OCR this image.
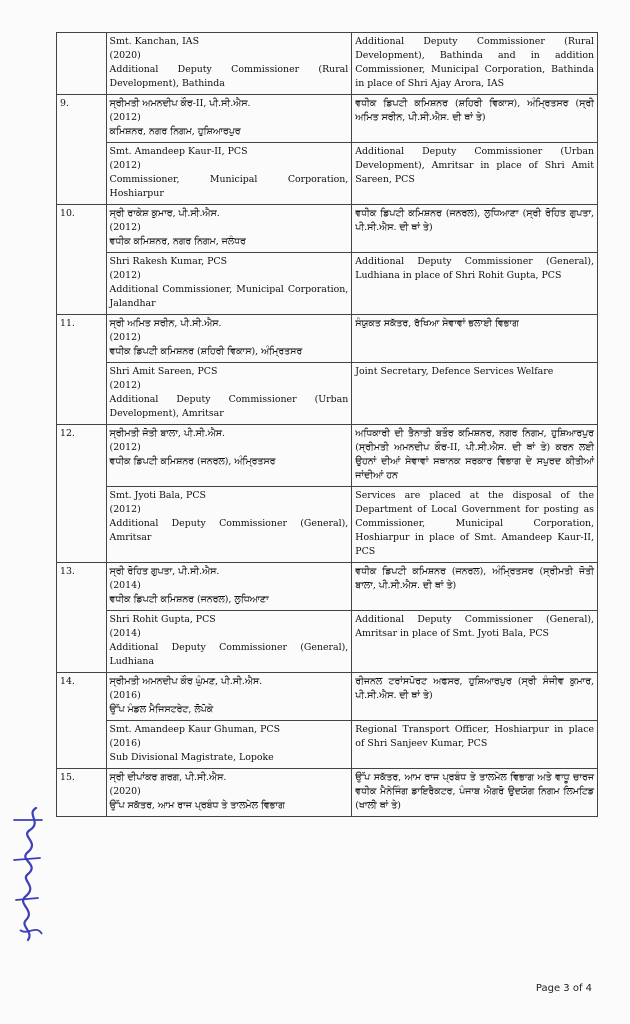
	Smt. Kanchan, IAS
(2020)
Additional Deputy Commissioner (Rural Development), Bathinda	Additional Deputy Commissioner (Rural Development), Bathinda and in addition Commissioner, Municipal Corporation, Bathinda in place of Shri Ajay Arora, IAS
9.	ਸ੍ਰੀਮਤੀ ਅਮਨਦੀਪ ਕੌਰ-II, ਪੀ.ਸੀ.ਐਸ.
(2012)
ਕਮਿਸ਼ਨਰ, ਨਗਰ ਨਿਗਮ, ਹੁਸ਼ਿਆਰਪੁਰ	ਵਧੀਕ ਡਿਪਟੀ ਕਮਿਸ਼ਨਰ (ਸ਼ਹਿਰੀ ਵਿਕਾਸ), ਅੰਮ੍ਰਿਤਸਰ (ਸ੍ਰੀ ਅਮਿਤ ਸਰੀਨ, ਪੀ.ਸੀ.ਐਸ. ਦੀ ਥਾਂ ਤੇ)

	Smt. Amandeep Kaur-II, PCS
(2012)
Commissioner, Municipal Corporation, Hoshiarpur	Additional Deputy Commissioner (Urban Development), Amritsar in place of Shri Amit Sareen, PCS
10.	ਸ੍ਰੀ ਰਾਕੇਸ਼ ਕੁਮਾਰ, ਪੀ.ਸੀ.ਐਸ.
(2012)
ਵਧੀਕ ਕਮਿਸ਼ਨਰ, ਨਗਰ ਨਿਗਮ, ਜਲੰਧਰ	ਵਧੀਕ ਡਿਪਟੀ ਕਮਿਸ਼ਨਰ (ਜਨਰਲ), ਲੁਧਿਆਣਾ (ਸ੍ਰੀ ਰੋਹਿਤ ਗੁਪਤਾ, ਪੀ.ਸੀ.ਐਸ. ਦੀ ਥਾਂ ਤੇ)

	Shri Rakesh Kumar, PCS
(2012)
Additional Commissioner, Municipal Corporation, Jalandhar	Additional Deputy Commissioner (General), Ludhiana in place of Shri Rohit Gupta, PCS
11.	ਸ੍ਰੀ ਅਮਿਤ ਸਰੀਨ, ਪੀ.ਸੀ.ਐਸ.
(2012)
ਵਧੀਕ ਡਿਪਟੀ ਕਮਿਸ਼ਨਰ (ਸ਼ਹਿਰੀ ਵਿਕਾਸ), ਅੰਮ੍ਰਿਤਸਰ	ਸੰਯੁਕਤ ਸਕੱਤਰ, ਰੱਖਿਆ ਸੇਵਾਵਾਂ ਭਲਾਈ ਵਿਭਾਗ

	Shri Amit Sareen, PCS
(2012)
Additional Deputy Commissioner (Urban Development), Amritsar	Joint Secretary, Defence Services Welfare
12.	ਸ੍ਰੀਮਤੀ ਜੋਤੀ ਬਾਲਾ, ਪੀ.ਸੀ.ਐਸ.
(2012)
ਵਧੀਕ ਡਿਪਟੀ ਕਮਿਸ਼ਨਰ (ਜਨਰਲ), ਅੰਮ੍ਰਿਤਸਰ	ਅਧਿਕਾਰੀ ਦੀ ਤੈਨਾਤੀ ਬਤੌਰ ਕਮਿਸ਼ਨਰ, ਨਗਰ ਨਿਗਮ, ਹੁਸ਼ਿਆਰਪੁਰ (ਸ੍ਰੀਮਤੀ ਅਮਨਦੀਪ ਕੌਰ-II, ਪੀ.ਸੀ.ਐਸ. ਦੀ ਥਾਂ ਤੇ) ਕਰਨ ਲਈ ਉਹਨਾਂ ਦੀਆਂ ਸੇਵਾਵਾਂ ਸਥਾਨਕ ਸਰਕਾਰ ਵਿਭਾਗ ਦੇ ਸਪੁਰਦ ਕੀਤੀਆਂ ਜਾਂਦੀਆਂ ਹਨ

	Smt. Jyoti Bala, PCS
(2012)
Additional Deputy Commissioner (General), Amritsar	Services are placed at the disposal of the Department of Local Government for posting as Commissioner, Municipal Corporation, Hoshiarpur in place of Smt. Amandeep Kaur-II, PCS
13.	ਸ੍ਰੀ ਰੋਹਿਤ ਗੁਪਤਾ, ਪੀ.ਸੀ.ਐਸ.
(2014)
ਵਧੀਕ ਡਿਪਟੀ ਕਮਿਸ਼ਨਰ (ਜਨਰਲ), ਲੁਧਿਆਣਾ	ਵਧੀਕ ਡਿਪਟੀ ਕਮਿਸ਼ਨਰ (ਜਨਰਲ), ਅੰਮ੍ਰਿਤਸਰ (ਸ੍ਰੀਮਤੀ ਜੋਤੀ ਬਾਲਾ, ਪੀ.ਸੀ.ਐਸ. ਦੀ ਥਾਂ ਤੇ)

	Shri Rohit Gupta, PCS
(2014)
Additional Deputy Commissioner (General), Ludhiana	Additional Deputy Commissioner (General), Amritsar in place of Smt. Jyoti Bala, PCS
14.	ਸ੍ਰੀਮਤੀ ਅਮਨਦੀਪ ਕੌਰ ਘੁੰਮਣ, ਪੀ.ਸੀ.ਐਸ.
(2016)
ਉੱਪ ਮੰਡਲ ਮੈਜਿਸਟਰੇਟ, ਲੋਪੋਕੇ	ਰੀਜਨਲ ਟਰਾਂਸਪੋਰਟ ਅਫਸਰ, ਹੁਸ਼ਿਆਰਪੁਰ (ਸ੍ਰੀ ਸੰਜੀਵ ਕੁਮਾਰ, ਪੀ.ਸੀ.ਐਸ. ਦੀ ਥਾਂ ਤੇ)

	Smt. Amandeep Kaur Ghuman, PCS
(2016)
Sub Divisional Magistrate, Lopoke	Regional Transport Officer, Hoshiarpur in place of Shri Sanjeev Kumar, PCS
15.	ਸ੍ਰੀ ਦੀਪਾਂਕਰ ਗਰਗ, ਪੀ.ਸੀ.ਐਸ.
(2020)
ਉੱਪ ਸਕੱਤਰ, ਆਮ ਰਾਜ ਪ੍ਰਬੰਧ ਤੇ ਤਾਲਮੇਲ ਵਿਭਾਗ	ਉੱਪ ਸਕੱਤਰ, ਆਮ ਰਾਜ ਪ੍ਰਬੰਧ ਤੇ ਤਾਲਮੇਲ ਵਿਭਾਗ ਅਤੇ ਵਾਧੂ ਚਾਰਜ ਵਧੀਕ ਮੈਨੇਜਿੰਗ ਡਾਇਰੈਕਟਰ, ਪੰਜਾਬ ਐਗਰੋ ਉਦਯੋਗ ਨਿਗਮ ਲਿਮਟਿਡ (ਖਾਲੀ ਥਾਂ ਤੇ)
Page 3 of 4
